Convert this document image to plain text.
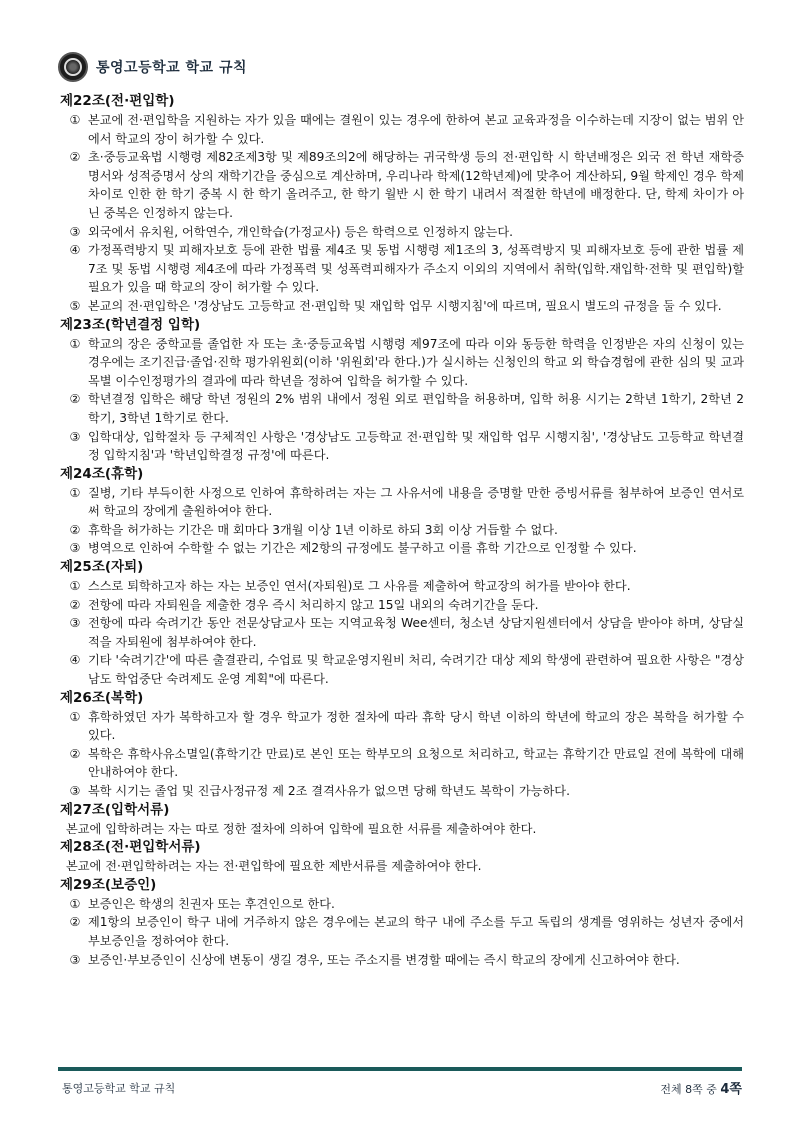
통영고등학교 학교 규칙
제22조(전·편입학)
① 본교에 전·편입학을 지원하는 자가 있을 때에는 결원이 있는 경우에 한하여 본교 교육과정을 이수하는데 지장이 없는 범위 안에서 학교의 장이 허가할 수 있다.
② 초·중등교육법 시행령 제82조제3항 및 제89조의2에 해당하는 귀국학생 등의 전·편입학 시 학년배정은 외국 전 학년 재학증명서와 성적증명서 상의 재학기간을 중심으로 계산하며, 우리나라 학제(12학년제)에 맞추어 계산하되, 9월 학제인 경우 학제 차이로 인한 한 학기 중복 시 한 학기 올려주고, 한 학기 월반 시 한 학기 내려서 적절한 학년에 배정한다. 단, 학제 차이가 아닌 중복은 인정하지 않는다.
③ 외국에서 유치원, 어학연수, 개인학습(가정교사) 등은 학력으로 인정하지 않는다.
④ 가정폭력방지 및 피해자보호 등에 관한 법률 제4조 및 동법 시행령 제1조의 3, 성폭력방지 및 피해자보호 등에 관한 법률 제7조 및 동법 시행령 제4조에 따라 가정폭력 및 성폭력피해자가 주소지 이외의 지역에서 취학(입학.재입학·전학 및 편입학)할 필요가 있을 때 학교의 장이 허가할 수 있다.
⑤ 본교의 전·편입학은 '경상남도 고등학교 전·편입학 및 재입학 업무 시행지침'에 따르며, 필요시 별도의 규정을 둘 수 있다.
제23조(학년결정 입학)
① 학교의 장은 중학교를 졸업한 자 또는 초·중등교육법 시행령 제97조에 따라 이와 동등한 학력을 인정받은 자의 신청이 있는 경우에는 조기진급·졸업·진학 평가위원회(이하 '위원회'라 한다.)가 실시하는 신청인의 학교 외 학습경험에 관한 심의 및 교과목별 이수인정평가의 결과에 따라 학년을 정하여 입학을 허가할 수 있다.
② 학년결정 입학은 해당 학년 정원의 2% 범위 내에서 정원 외로 편입학을 허용하며, 입학 허용 시기는 2학년 1학기, 2학년 2학기, 3학년 1학기로 한다.
③ 입학대상, 입학절차 등 구체적인 사항은 '경상남도 고등학교 전·편입학 및 재입학 업무 시행지침', '경상남도 고등학교 학년결정 입학지침'과 '학년입학결정 규정'에 따른다.
제24조(휴학)
① 질병, 기타 부득이한 사정으로 인하여 휴학하려는 자는 그 사유서에 내용을 증명할 만한 증빙서류를 첨부하여 보증인 연서로써 학교의 장에게 출원하여야 한다.
② 휴학을 허가하는 기간은 매 회마다 3개월 이상 1년 이하로 하되 3회 이상 거듭할 수 없다.
③ 병역으로 인하여 수학할 수 없는 기간은 제2항의 규정에도 불구하고 이를 휴학 기간으로 인정할 수 있다.
제25조(자퇴)
① 스스로 퇴학하고자 하는 자는 보증인 연서(자퇴원)로 그 사유를 제출하여 학교장의 허가를 받아야 한다.
② 전항에 따라 자퇴원을 제출한 경우 즉시 처리하지 않고 15일 내외의 숙려기간을 둔다.
③ 전항에 따라 숙려기간 동안 전문상담교사 또는 지역교육청 Wee센터, 청소년 상담지원센터에서 상담을 받아야 하며, 상담실적을 자퇴원에 첨부하여야 한다.
④ 기타 '숙려기간'에 따른 출결관리, 수업료 및 학교운영지원비 처리, 숙려기간 대상 제외 학생에 관련하여 필요한 사항은 "경상남도 학업중단 숙려제도 운영 계획"에 따른다.
제26조(복학)
① 휴학하였던 자가 복학하고자 할 경우 학교가 정한 절차에 따라 휴학 당시 학년 이하의 학년에 학교의 장은 복학을 허가할 수 있다.
② 복학은 휴학사유소멸일(휴학기간 만료)로 본인 또는 학부모의 요청으로 처리하고, 학교는 휴학기간 만료일 전에 복학에 대해 안내하여야 한다.
③ 복학 시기는 졸업 및 진급사정규정 제 2조 결격사유가 없으면 당해 학년도 복학이 가능하다.
제27조(입학서류)
본교에 입학하려는 자는 따로 정한 절차에 의하여 입학에 필요한 서류를 제출하여야 한다.
제28조(전·편입학서류)
본교에 전·편입학하려는 자는 전·편입학에 필요한 제반서류를 제출하여야 한다.
제29조(보증인)
① 보증인은 학생의 친권자 또는 후견인으로 한다.
② 제1항의 보증인이 학구 내에 거주하지 않은 경우에는 본교의 학구 내에 주소를 두고 독립의 생계를 영위하는 성년자 중에서 부보증인을 정하여야 한다.
③ 보증인·부보증인이 신상에 변동이 생길 경우, 또는 주소지를 변경할 때에는 즉시 학교의 장에게 신고하여야 한다.
통영고등학교 학교 규칙	전체 8쪽 중 4쪽
